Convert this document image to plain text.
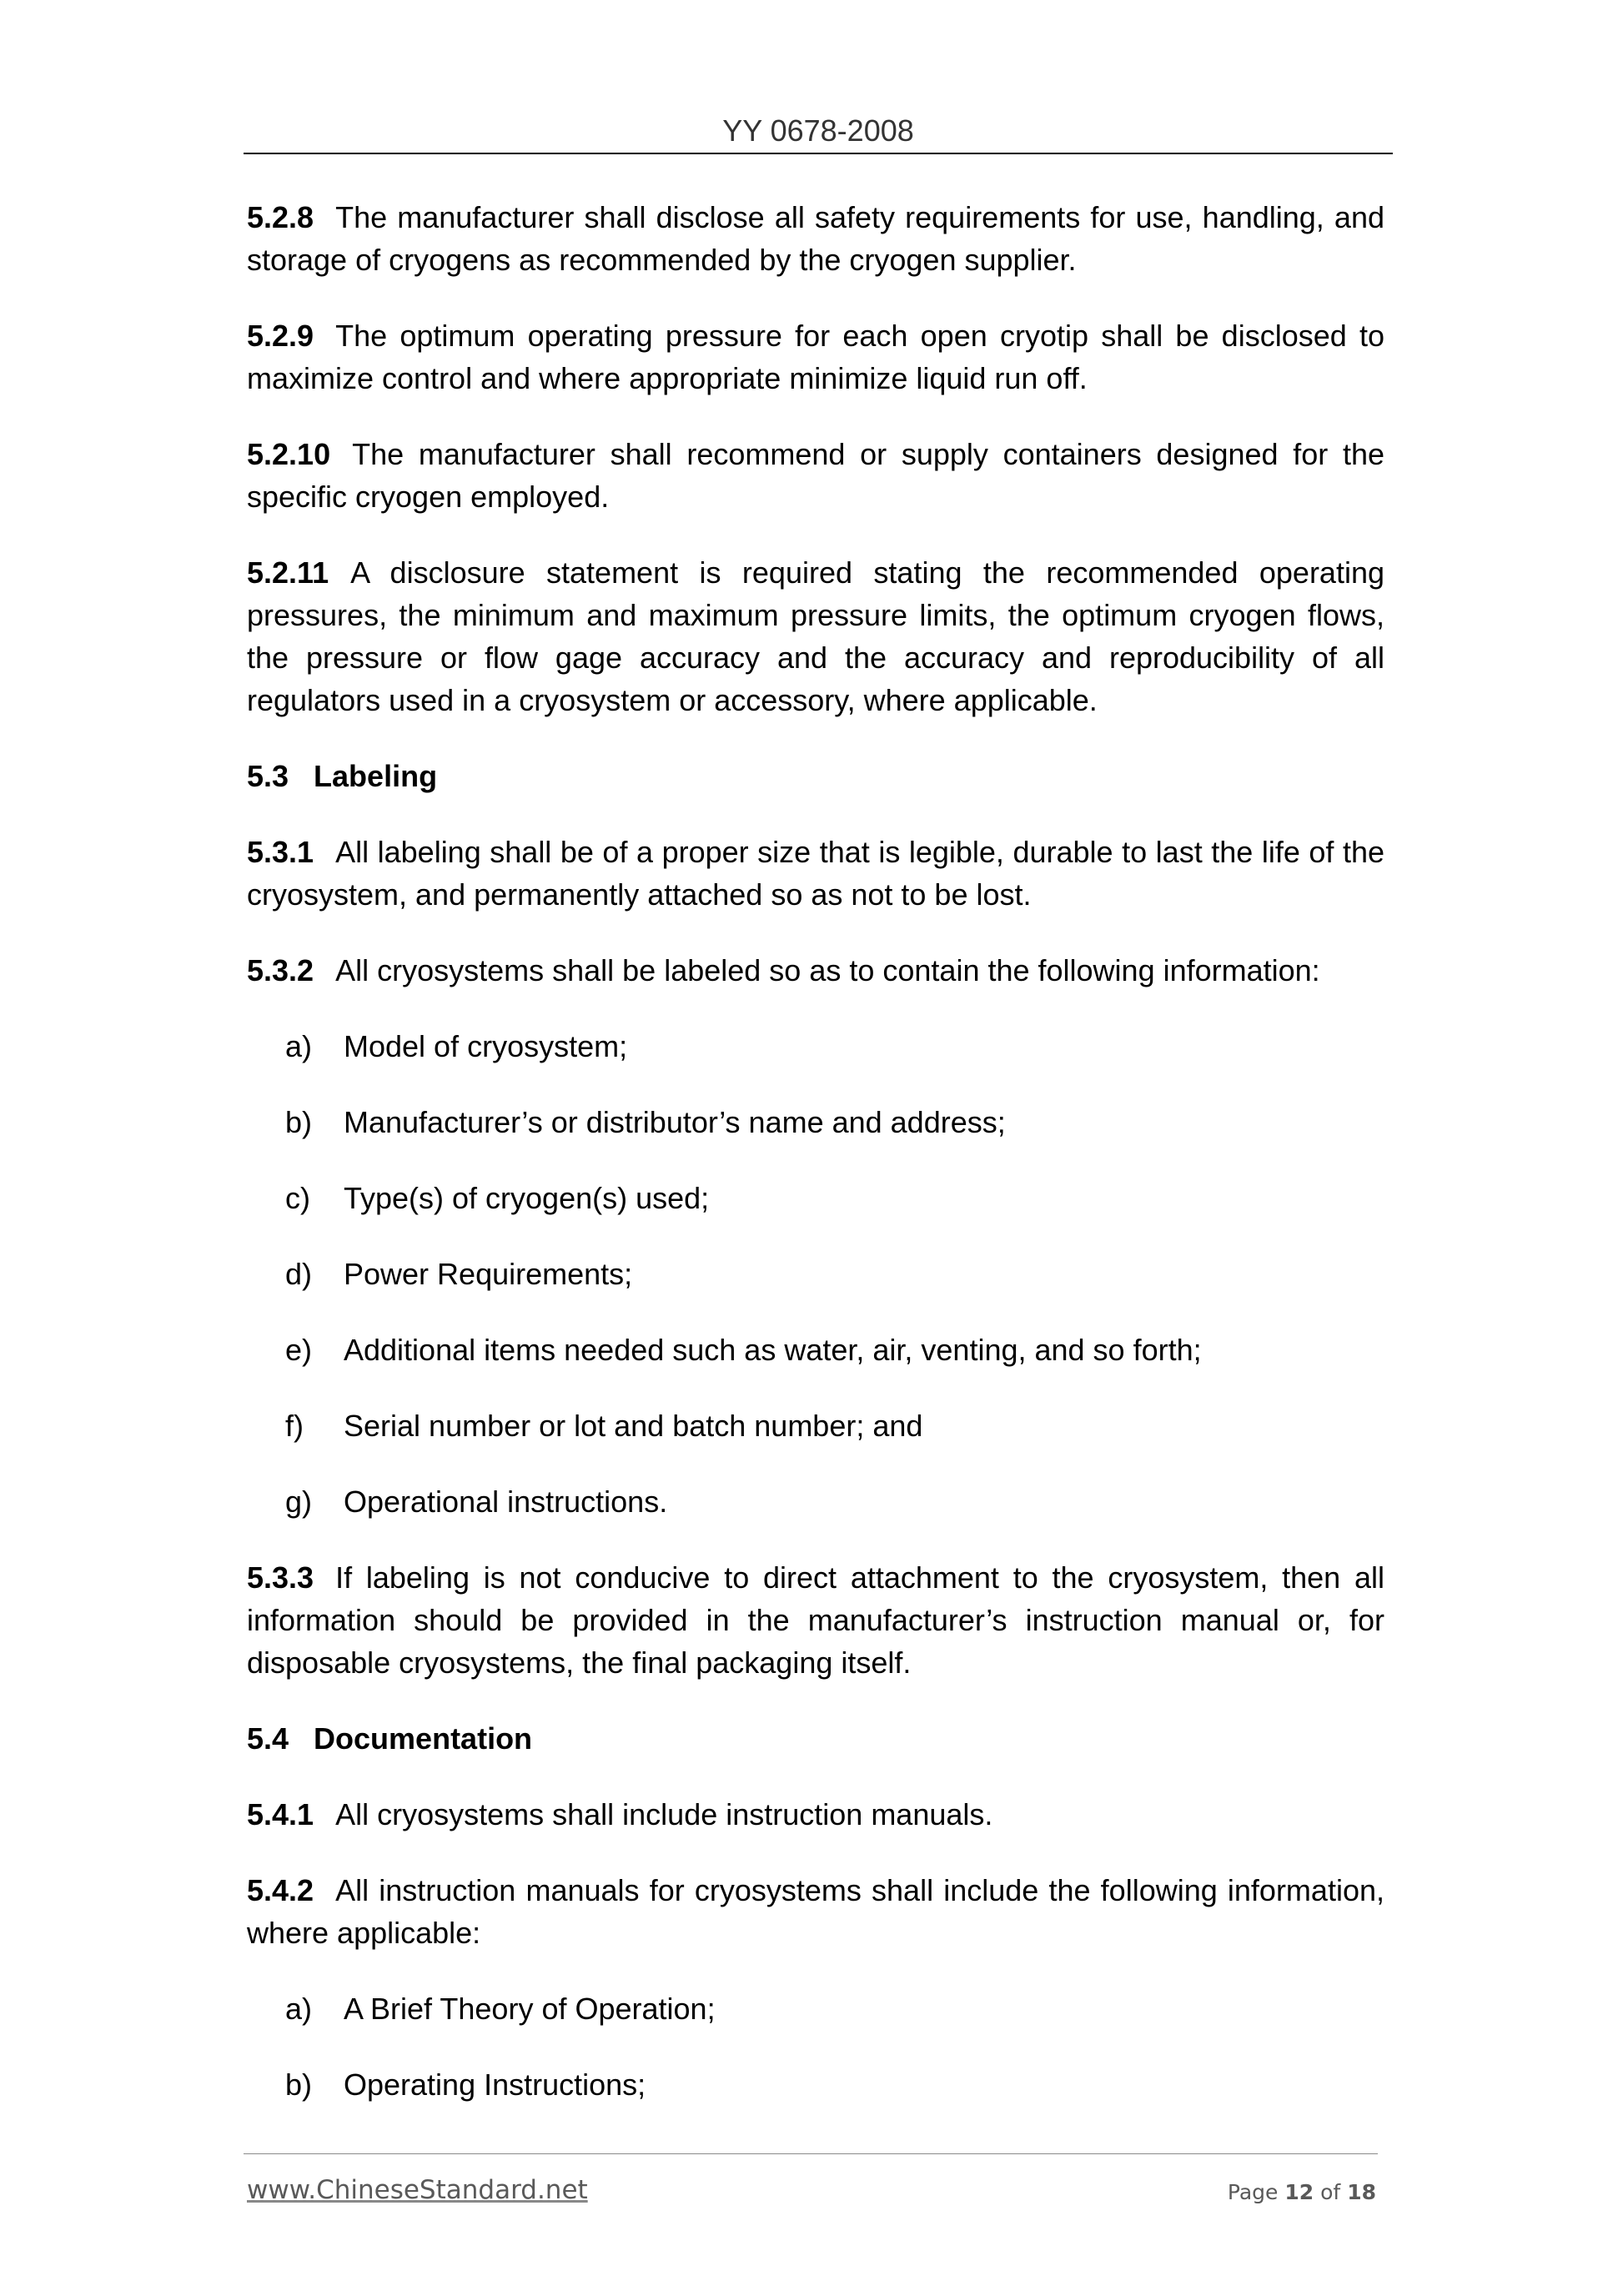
YY 0678-2008

5.2.8 The manufacturer shall disclose all safety requirements for use, handling, and storage of cryogens as recommended by the cryogen supplier.

5.2.9 The optimum operating pressure for each open cryotip shall be disclosed to maximize control and where appropriate minimize liquid run off.

5.2.10 The manufacturer shall recommend or supply containers designed for the specific cryogen employed.

5.2.11 A disclosure statement is required stating the recommended operating pressures, the minimum and maximum pressure limits, the optimum cryogen flows, the pressure or flow gage accuracy and the accuracy and reproducibility of all regulators used in a cryosystem or accessory, where applicable.

5.3 Labeling

5.3.1 All labeling shall be of a proper size that is legible, durable to last the life of the cryosystem, and permanently attached so as not to be lost.

5.3.2 All cryosystems shall be labeled so as to contain the following information:

a) Model of cryosystem;
b) Manufacturer’s or distributor’s name and address;
c) Type(s) of cryogen(s) used;
d) Power Requirements;
e) Additional items needed such as water, air, venting, and so forth;
f) Serial number or lot and batch number; and
g) Operational instructions.

5.3.3 If labeling is not conducive to direct attachment to the cryosystem, then all information should be provided in the manufacturer’s instruction manual or, for disposable cryosystems, the final packaging itself.

5.4 Documentation

5.4.1 All cryosystems shall include instruction manuals.

5.4.2 All instruction manuals for cryosystems shall include the following information, where applicable:

a) A Brief Theory of Operation;
b) Operating Instructions;
www.ChineseStandard.net	Page 12 of 18
